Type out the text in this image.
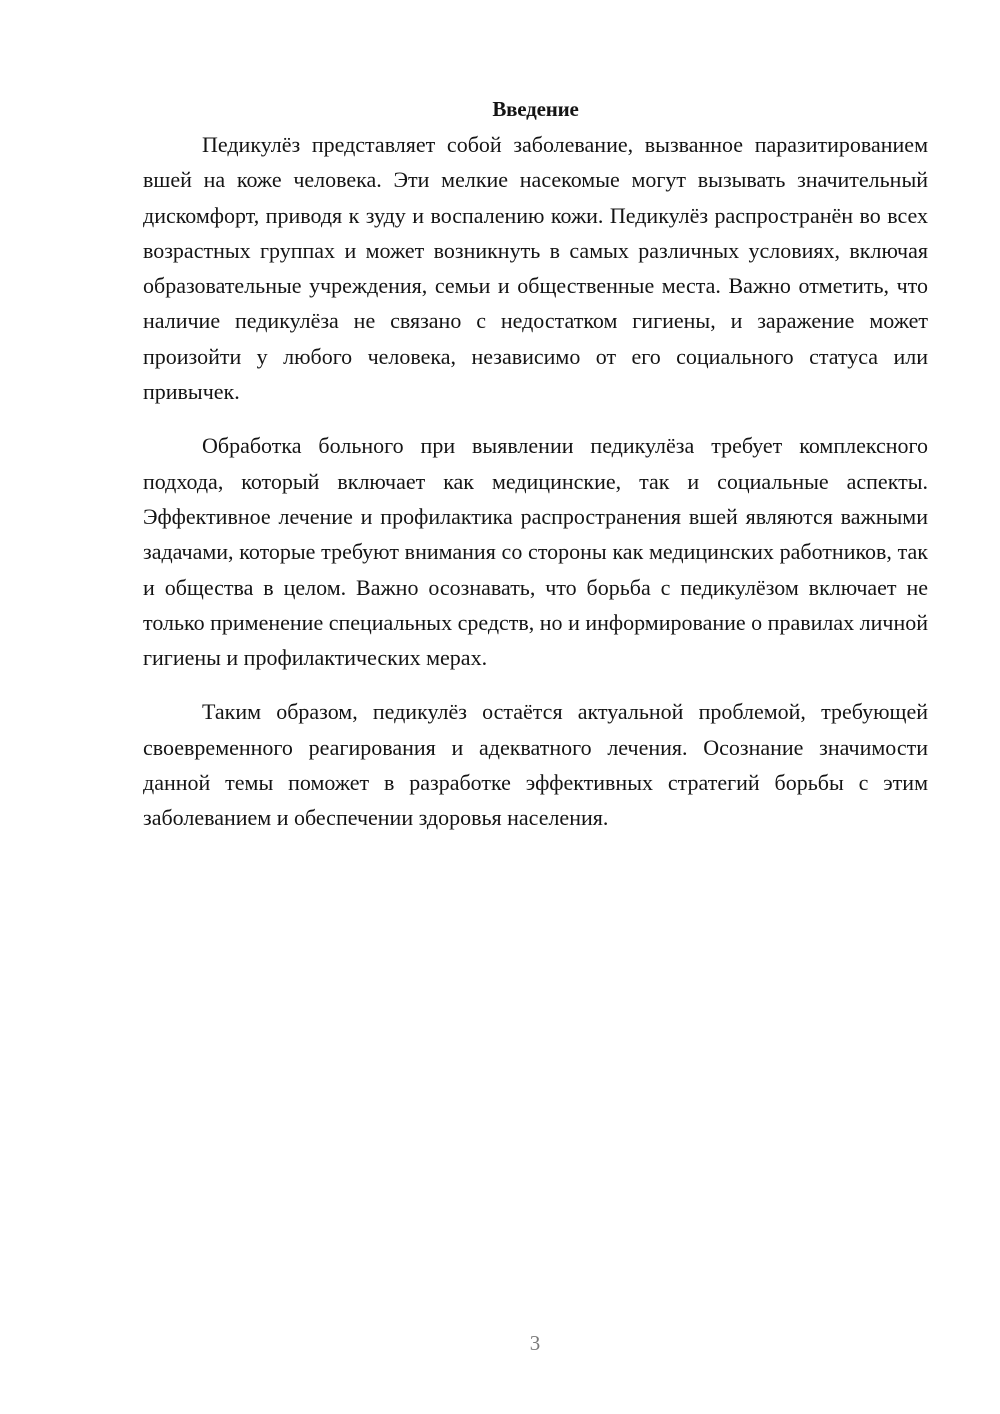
Введение

Педикулёз представляет собой заболевание, вызванное паразитированием вшей на коже человека. Эти мелкие насекомые могут вызывать значительный дискомфорт, приводя к зуду и воспалению кожи. Педикулёз распространён во всех возрастных группах и может возникнуть в самых различных условиях, включая образовательные учреждения, семьи и общественные места. Важно отметить, что наличие педикулёза не связано с недостатком гигиены, и заражение может произойти у любого человека, независимо от его социального статуса или привычек.

Обработка больного при выявлении педикулёза требует комплексного подхода, который включает как медицинские, так и социальные аспекты. Эффективное лечение и профилактика распространения вшей являются важными задачами, которые требуют внимания со стороны как медицинских работников, так и общества в целом. Важно осознавать, что борьба с педикулёзом включает не только применение специальных средств, но и информирование о правилах личной гигиены и профилактических мерах.

Таким образом, педикулёз остаётся актуальной проблемой, требующей своевременного реагирования и адекватного лечения. Осознание значимости данной темы поможет в разработке эффективных стратегий борьбы с этим заболеванием и обеспечении здоровья населения.

3
